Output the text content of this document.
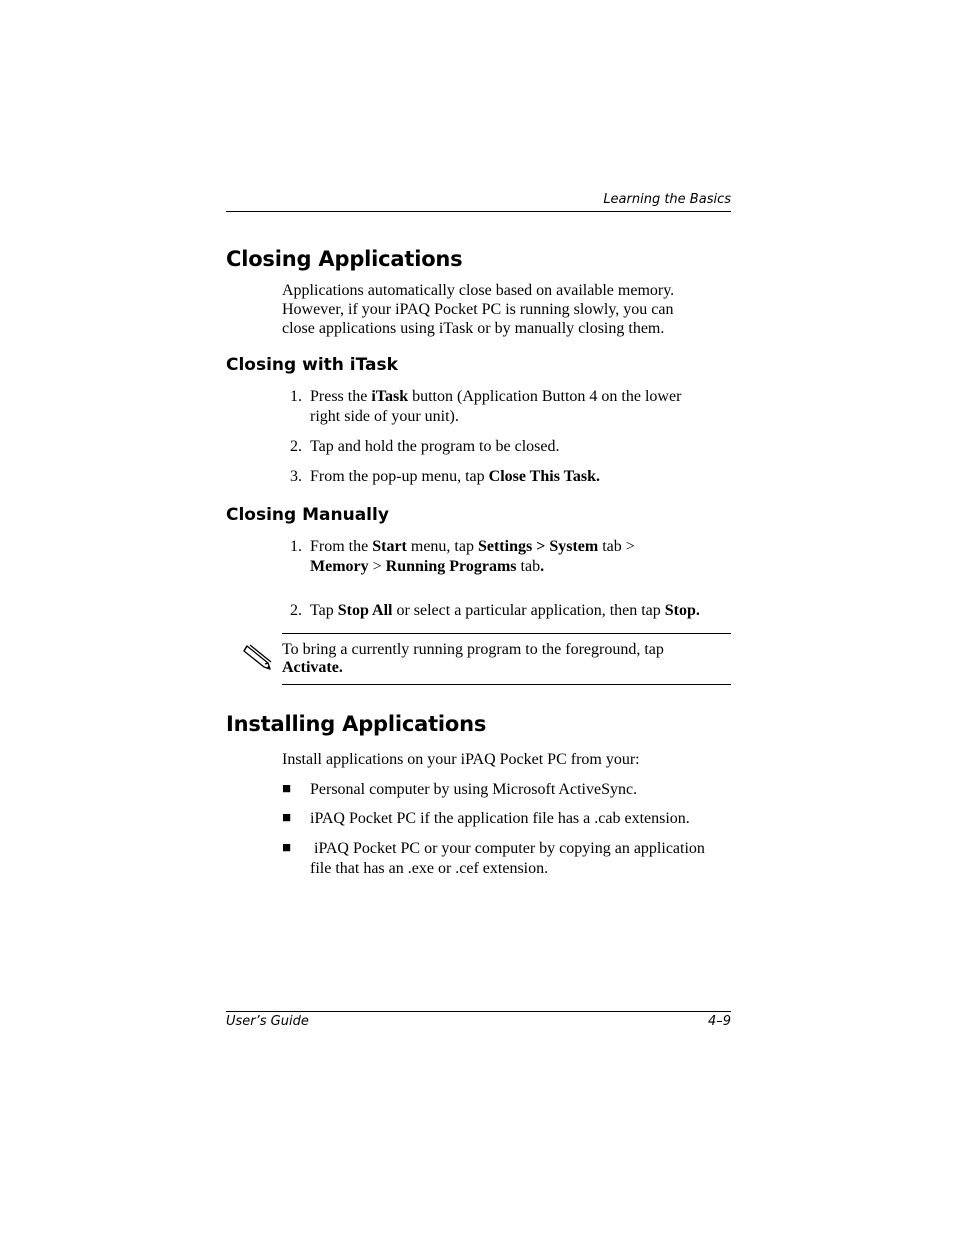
Learning the Basics
Closing Applications
Applications automatically close based on available memory.
However, if your iPAQ Pocket PC is running slowly, you can
close applications using iTask or by manually closing them.
Closing with iTask
1. Press the iTask button (Application Button 4 on the lower
right side of your unit).
2. Tap and hold the program to be closed.
3. From the pop-up menu, tap Close This Task.
Closing Manually
1. From the Start menu, tap Settings > System tab >
Memory > Running Programs tab.
2. Tap Stop All or select a particular application, then tap Stop.
To bring a currently running program to the foreground, tap
Activate.
Installing Applications
Install applications on your iPAQ Pocket PC from your:
■ Personal computer by using Microsoft ActiveSync.
■ iPAQ Pocket PC if the application file has a .cab extension.
■ iPAQ Pocket PC or your computer by copying an application
file that has an .exe or .cef extension.
User’s Guide	4–9
